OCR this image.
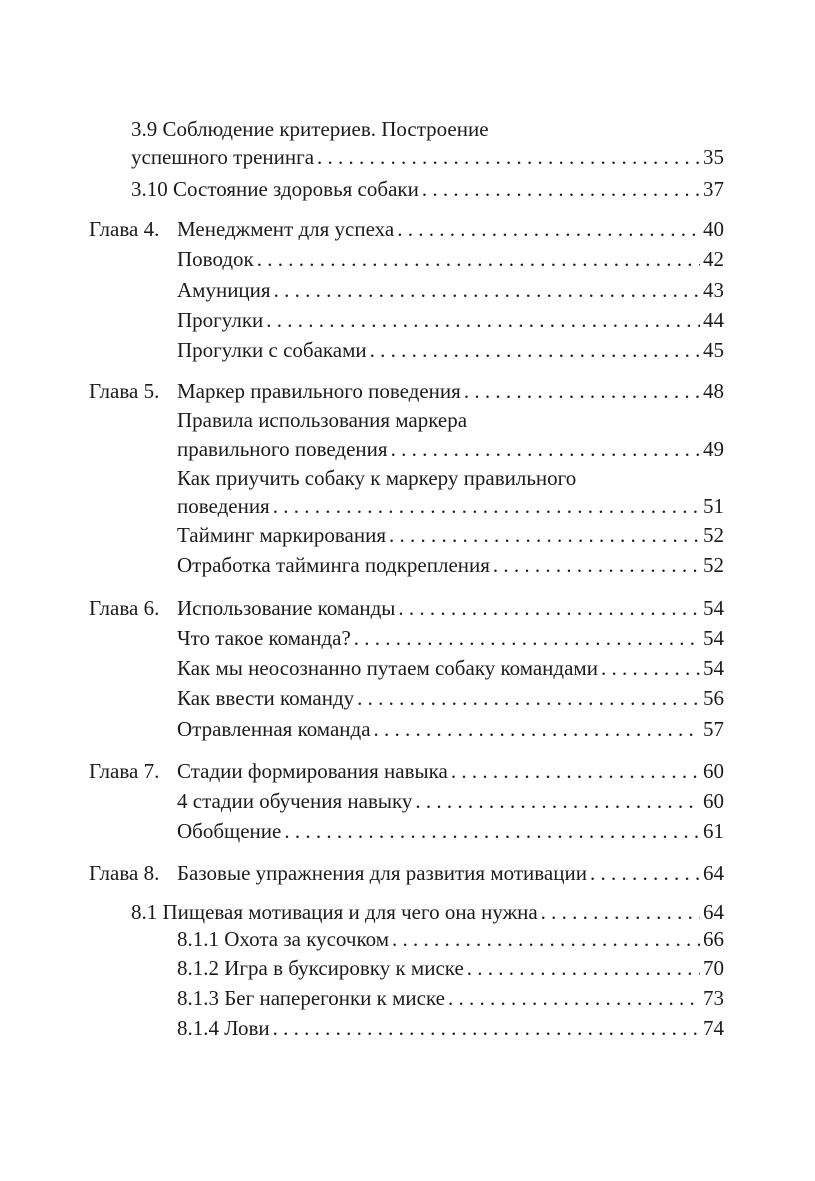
3.9 Соблюдение критериев. Построение
успешного тренинга . . .	35
3.10 Состояние здоровья собаки . . .	37
Глава 4. Менеджмент для успеха . . .	40
Поводок . . .	42
Амуниция . . .	43
Прогулки . . .	44
Прогулки с собаками . . .	45
Глава 5. Маркер правильного поведения . . .	48
Правила использования маркера
правильного поведения . . .	49
Как приучить собаку к маркеру правильного
поведения . . .	51
Тайминг маркирования . . .	52
Отработка тайминга подкрепления . . .	52
Глава 6. Использование команды . . .	54
Что такое команда? . . .	54
Как мы неосознанно путаем собаку командами . . .	54
Как ввести команду . . .	56
Отравленная команда . . .	57
Глава 7. Стадии формирования навыка . . .	60
4 стадии обучения навыку . . .	60
Обобщение . . .	61
Глава 8. Базовые упражнения для развития мотивации . . .	64
8.1 Пищевая мотивация и для чего она нужна . . .	64
8.1.1 Охота за кусочком . . .	66
8.1.2 Игра в буксировку к миске . . .	70
8.1.3 Бег наперегонки к миске . . .	73
8.1.4 Лови . . .	74
